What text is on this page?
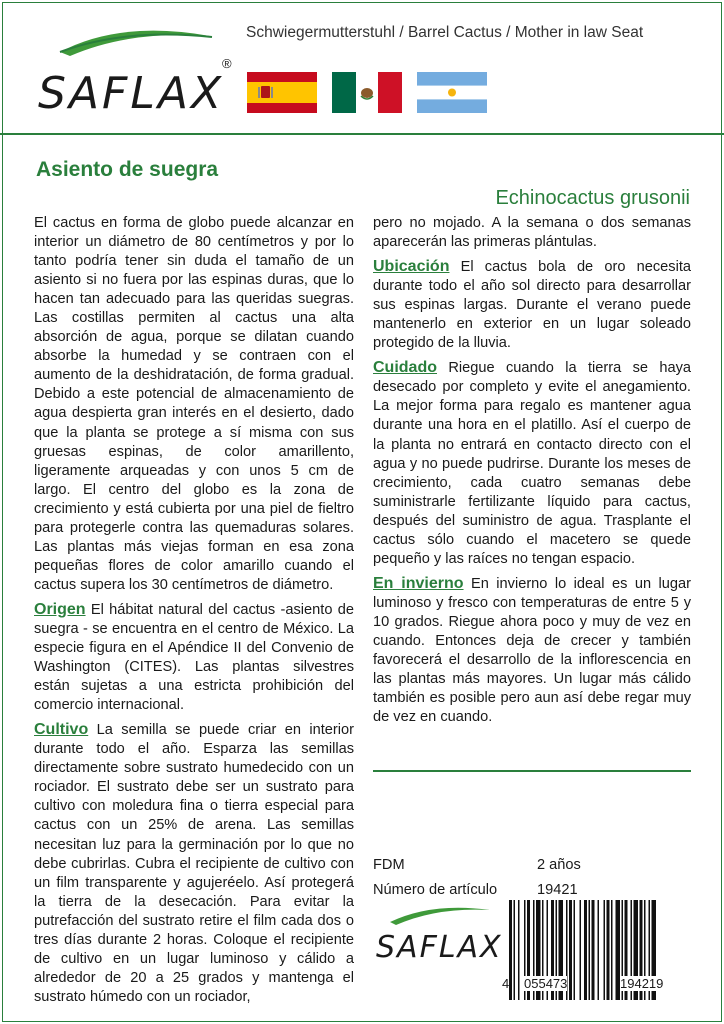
SAFLAX
®
Schwiegermutterstuhl / Barrel Cactus / Mother in law Seat
Asiento de suegra
Echinocactus grusonii

El cactus en forma de globo puede alcanzar en interior un diámetro de 80 centímetros y por lo tanto podría tener sin duda el tamaño de un asiento si no fuera por las espinas duras, que lo hacen tan adecuado para las queridas suegras. Las costillas permiten al cactus una alta absorción de agua, porque se dilatan cuando absorbe la humedad y se contraen con el aumento de la deshidratación, de forma gradual. Debido a este potencial de almacenamiento de agua despierta gran interés en el desierto, dado que la planta se protege a sí misma con sus gruesas espinas, de color amarillento, ligeramente arqueadas y con unos 5 cm de largo. El centro del globo es la zona de crecimiento y está cubierta por una piel de fieltro para protegerle contra las quemaduras solares. Las plantas más viejas forman en esa zona pequeñas flores de color amarillo cuando el cactus supera los 30 centímetros de diámetro.

Origen El hábitat natural del cactus -asiento de suegra - se encuentra en el centro de México. La especie figura en el Apéndice II del Convenio de Washington (CITES). Las plantas silvestres están sujetas a una estricta prohibición del comercio internacional.

Cultivo La semilla se puede criar en interior durante todo el año. Esparza las semillas directamente sobre sustrato humedecido con un rociador. El sustrato debe ser un sustrato para cultivo con moledura fina o tierra especial para cactus con un 25% de arena. Las semillas necesitan luz para la germinación por lo que no debe cubrirlas. Cubra el recipiente de cultivo con un film transparente y agujeréelo. Así protegerá la tierra de la desecación. Para evitar la putrefacción del sustrato retire el film cada dos o tres días durante 2 horas. Coloque el recipiente de cultivo en un lugar luminoso y cálido a alrededor de 20 a 25 grados y mantenga el sustrato húmedo con un rociador,

pero no mojado. A la semana o dos semanas aparecerán las primeras plántulas.

Ubicación El cactus bola de oro necesita durante todo el año sol directo para desarrollar sus espinas largas. Durante el verano puede mantenerlo en exterior en un lugar soleado protegido de la lluvia.

Cuidado Riegue cuando la tierra se haya desecado por completo y evite el anegamiento. La mejor forma para regalo es mantener agua durante una hora en el platillo. Así el cuerpo de la planta no entrará en contacto directo con el agua y no puede pudrirse. Durante los meses de crecimiento, cada cuatro semanas debe suministrarle fertilizante líquido para cactus, después del suministro de agua. Trasplante el cactus sólo cuando el macetero se quede pequeño y las raíces no tengan espacio.

En invierno En invierno lo ideal es un lugar luminoso y fresco con temperaturas de entre 5 y 10 grados. Riegue ahora poco y muy de vez en cuando. Entonces deja de crecer y también favorecerá el desarrollo de la inflorescencia en las plantas más mayores. Un lugar más cálido también es posible pero aun así debe regar muy de vez en cuando.

FDM	2 años
Número de artículo	19421
SAFLAX
4 055473	194219
